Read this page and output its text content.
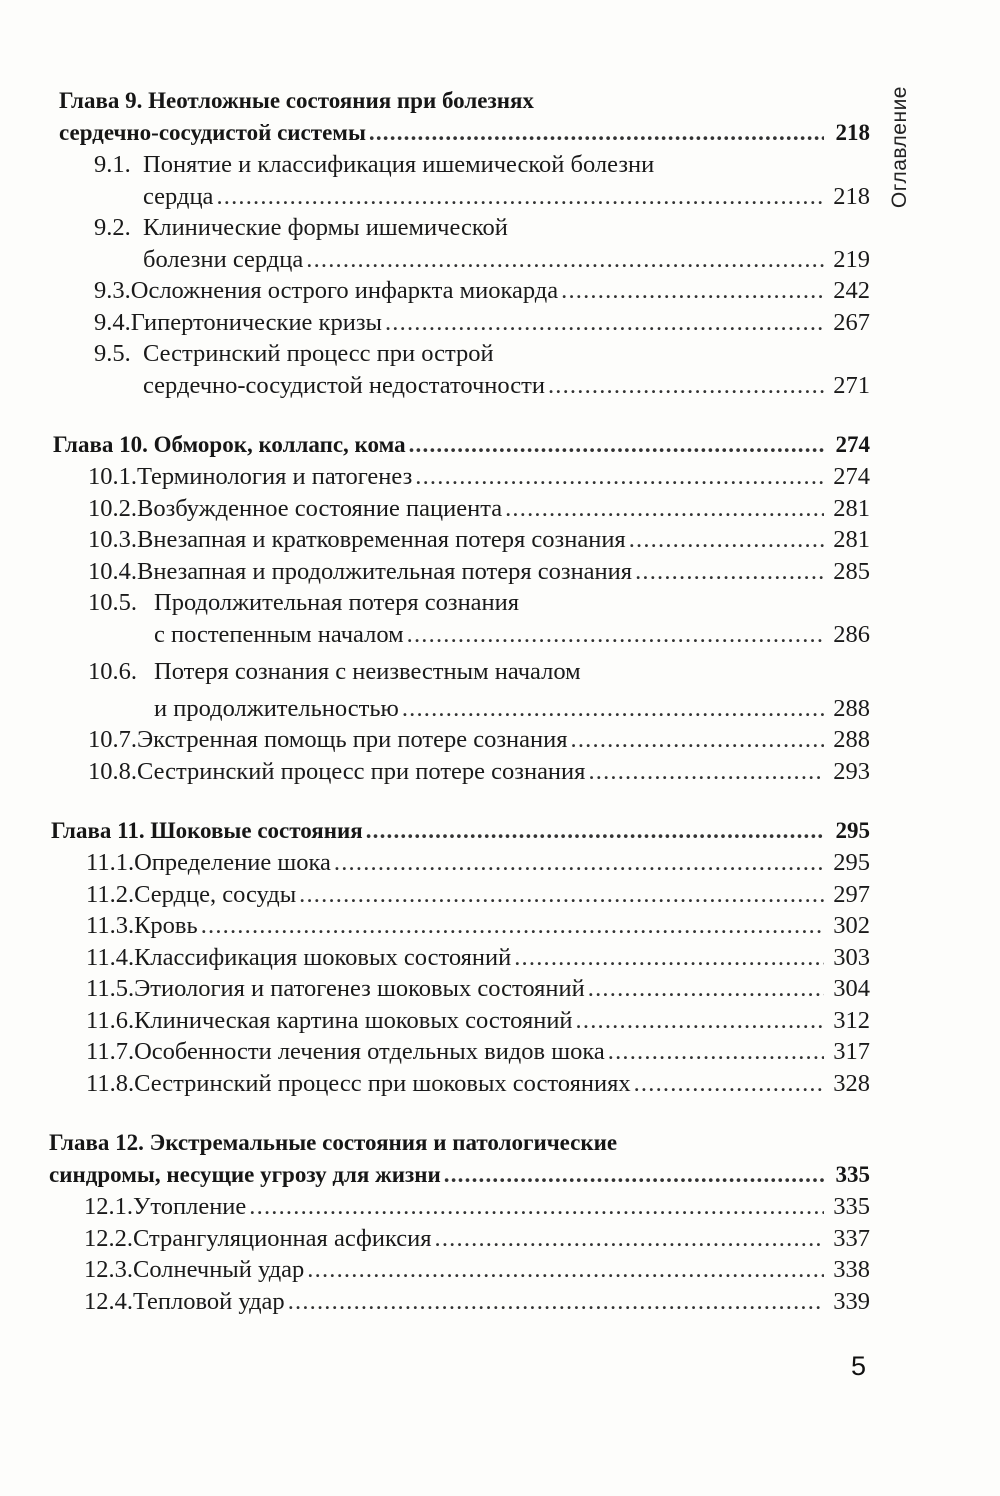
Оглавление
Глава 9. Неотложные состояния при болезнях
сердечно-сосудистой системы .....	218
9.1. Понятие и классификация ишемической болезни
сердца .....	218
9.2. Клинические формы ишемической
болезни сердца .....	219
9.3. Осложнения острого инфаркта миокарда .....	242
9.4. Гипертонические кризы .....	267
9.5. Сестринский процесс при острой
сердечно-сосудистой недостаточности .....	271
Глава 10. Обморок, коллапс, кома .....	274
10.1. Терминология и патогенез .....	274
10.2. Возбужденное состояние пациента .....	281
10.3. Внезапная и кратковременная потеря сознания .....	281
10.4. Внезапная и продолжительная потеря сознания .....	285
10.5. Продолжительная потеря сознания
с постепенным началом .....	286
10.6. Потеря сознания с неизвестным началом
и продолжительностью .....	288
10.7. Экстренная помощь при потере сознания .....	288
10.8. Сестринский процесс при потере сознания .....	293
Глава 11. Шоковые состояния .....	295
11.1. Определение шока .....	295
11.2. Сердце, сосуды .....	297
11.3. Кровь .....	302
11.4. Классификация шоковых состояний .....	303
11.5. Этиология и патогенез шоковых состояний .....	304
11.6. Клиническая картина шоковых состояний .....	312
11.7. Особенности лечения отдельных видов шока .....	317
11.8. Сестринский процесс при шоковых состояниях .....	328
Глава 12. Экстремальные состояния и патологические
синдромы, несущие угрозу для жизни .....	335
12.1. Утопление .....	335
12.2. Странгуляционная асфиксия .....	337
12.3. Солнечный удар .....	338
12.4. Тепловой удар .....	339
5
